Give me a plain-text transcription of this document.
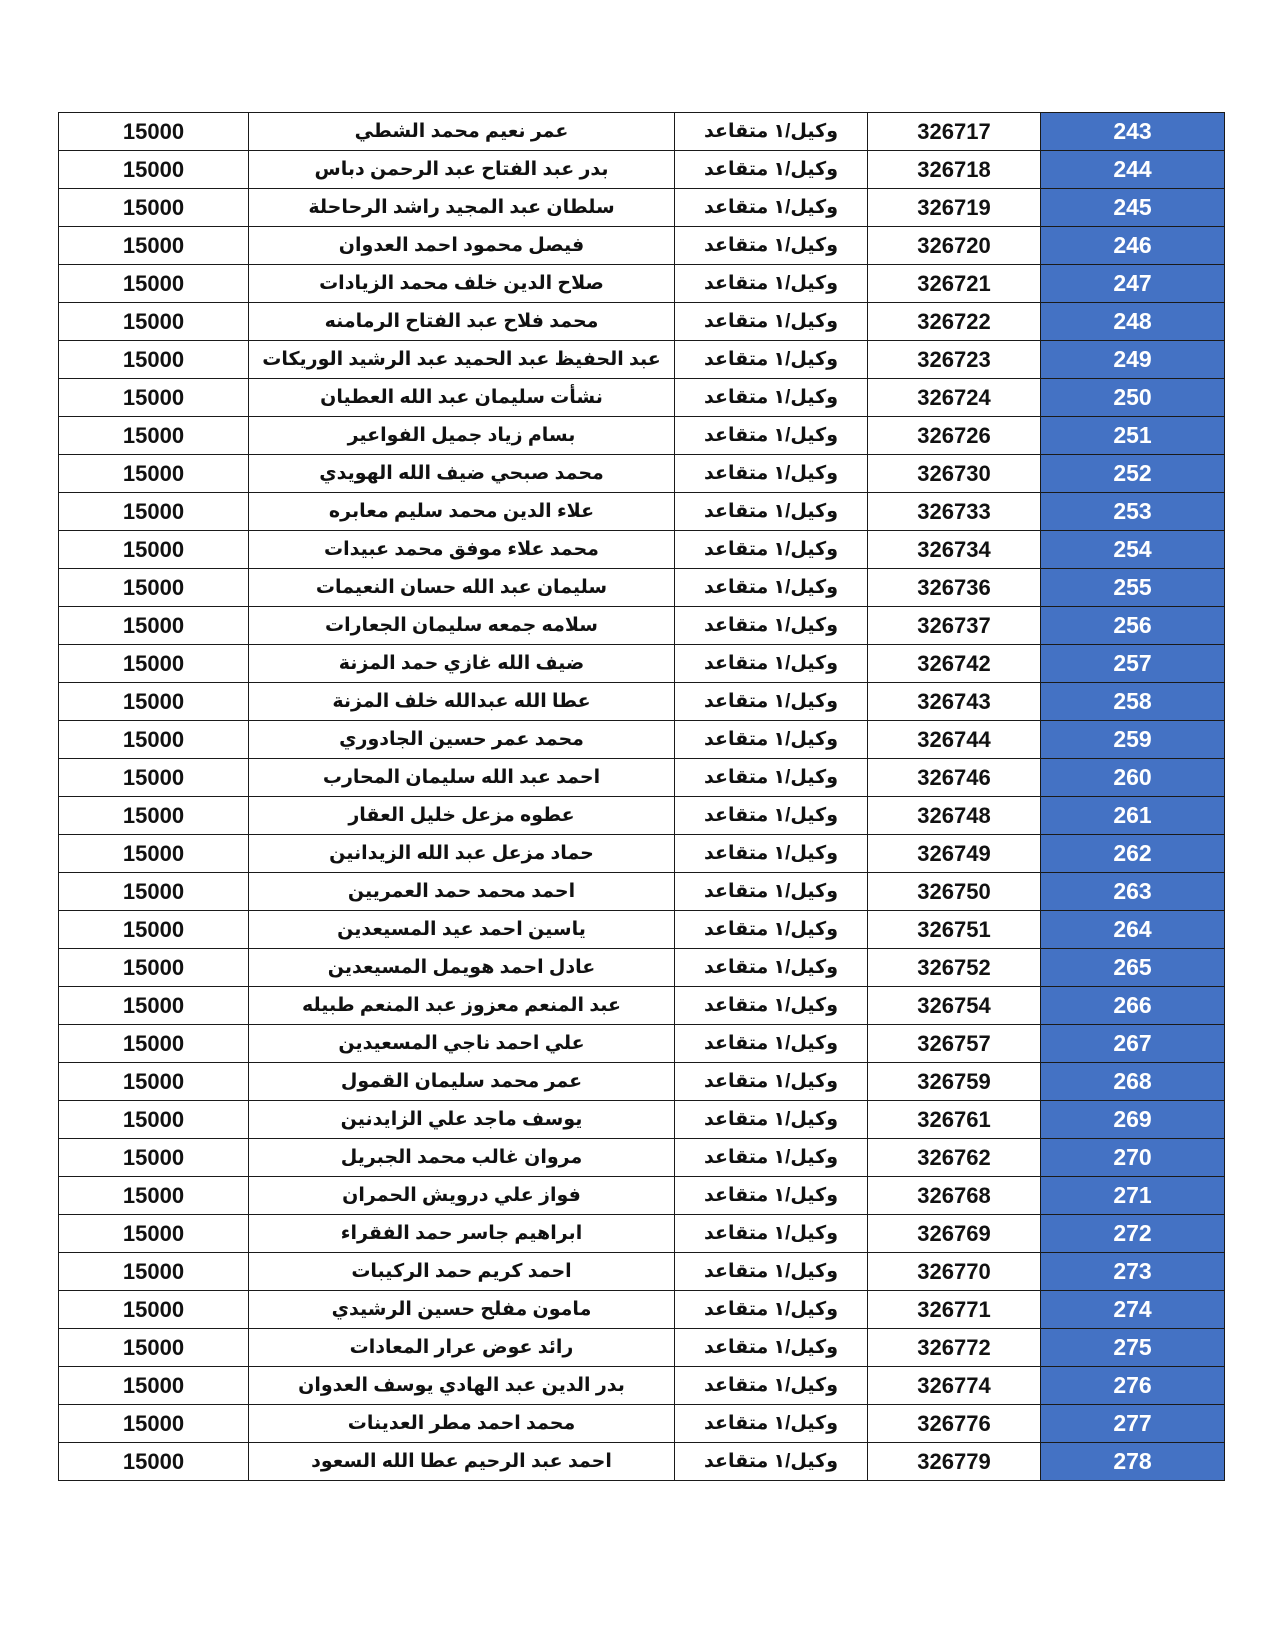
15000	عمر نعيم محمد الشطي	وكيل/١ متقاعد	326717	243
15000	بدر عبد الفتاح عبد الرحمن دباس	وكيل/١ متقاعد	326718	244
15000	سلطان عبد المجيد راشد الرحاحلة	وكيل/١ متقاعد	326719	245
15000	فيصل محمود احمد العدوان	وكيل/١ متقاعد	326720	246
15000	صلاح الدين خلف محمد الزيادات	وكيل/١ متقاعد	326721	247
15000	محمد فلاح عبد الفتاح الرمامنه	وكيل/١ متقاعد	326722	248
15000	عبد الحفيظ عبد الحميد عبد الرشيد الوريكات	وكيل/١ متقاعد	326723	249
15000	نشأت سليمان عبد الله العطيان	وكيل/١ متقاعد	326724	250
15000	بسام زياد جميل الفواعير	وكيل/١ متقاعد	326726	251
15000	محمد صبحي ضيف الله الهويدي	وكيل/١ متقاعد	326730	252
15000	علاء الدين محمد سليم معابره	وكيل/١ متقاعد	326733	253
15000	محمد علاء موفق محمد عبيدات	وكيل/١ متقاعد	326734	254
15000	سليمان عبد الله حسان النعيمات	وكيل/١ متقاعد	326736	255
15000	سلامه جمعه سليمان الجعارات	وكيل/١ متقاعد	326737	256
15000	ضيف الله غازي حمد المزنة	وكيل/١ متقاعد	326742	257
15000	عطا الله عبدالله خلف المزنة	وكيل/١ متقاعد	326743	258
15000	محمد عمر حسين الجادوري	وكيل/١ متقاعد	326744	259
15000	احمد عبد الله سليمان المحارب	وكيل/١ متقاعد	326746	260
15000	عطوه مزعل خليل العقار	وكيل/١ متقاعد	326748	261
15000	حماد مزعل عبد الله الزيدانين	وكيل/١ متقاعد	326749	262
15000	احمد محمد حمد العمريين	وكيل/١ متقاعد	326750	263
15000	ياسين احمد عيد المسيعدين	وكيل/١ متقاعد	326751	264
15000	عادل احمد هويمل المسيعدين	وكيل/١ متقاعد	326752	265
15000	عبد المنعم معزوز عبد المنعم طبيله	وكيل/١ متقاعد	326754	266
15000	علي احمد ناجي المسعيدين	وكيل/١ متقاعد	326757	267
15000	عمر محمد سليمان القمول	وكيل/١ متقاعد	326759	268
15000	يوسف ماجد علي الزايدنين	وكيل/١ متقاعد	326761	269
15000	مروان غالب محمد الجبريل	وكيل/١ متقاعد	326762	270
15000	فواز علي درويش الحمران	وكيل/١ متقاعد	326768	271
15000	ابراهيم جاسر حمد الفقراء	وكيل/١ متقاعد	326769	272
15000	احمد كريم حمد الركيبات	وكيل/١ متقاعد	326770	273
15000	مامون مفلح حسين الرشيدي	وكيل/١ متقاعد	326771	274
15000	رائد عوض عرار المعادات	وكيل/١ متقاعد	326772	275
15000	بدر الدين عبد الهادي يوسف العدوان	وكيل/١ متقاعد	326774	276
15000	محمد احمد مطر العدينات	وكيل/١ متقاعد	326776	277
15000	احمد عبد الرحيم عطا الله السعود	وكيل/١ متقاعد	326779	278
